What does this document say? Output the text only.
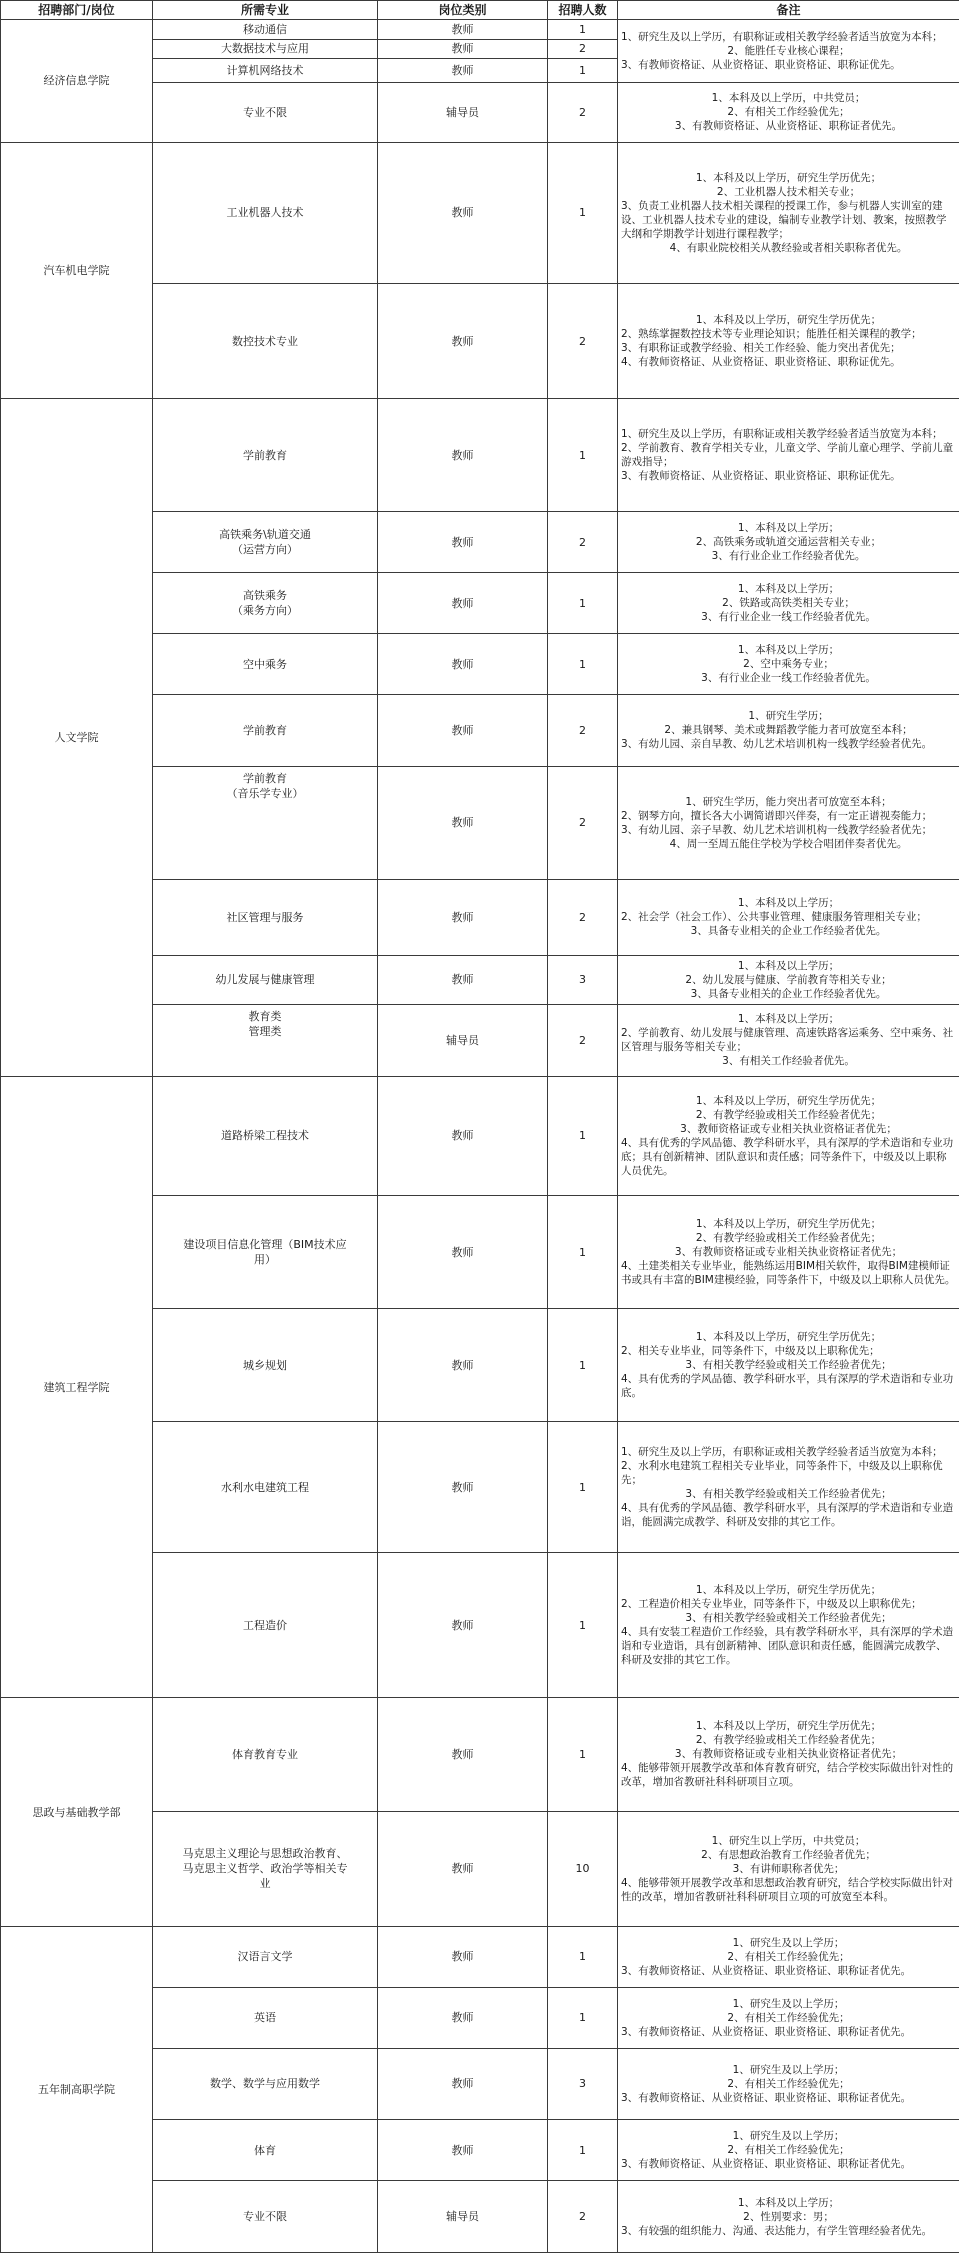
招聘部门/岗位	所需专业	岗位类别	招聘人数	备注
经济信息学院	移动通信	教师	1	1、研究生及以上学历，有职称证或相关教学经验者适当放宽为本科；
2、能胜任专业核心课程；
3、有教师资格证、从业资格证、职业资格证、职称证优先。

	大数据技术与应用	教师	2	

	计算机网络技术	教师	1	

	专业不限	辅导员	2	1、本科及以上学历，中共党员；
2、有相关工作经验优先；
3、有教师资格证、从业资格证、职称证者优先。

汽车机电学院	工业机器人技术	教师	1	1、本科及以上学历，研究生学历优先；
2、工业机器人技术相关专业；
3、负责工业机器人技术相关课程的授课工作，参与机器人实训室的建设、工业机器人技术专业的建设，编制专业教学计划、教案，按照教学大纲和学期教学计划进行课程教学；
4、有职业院校相关从教经验或者相关职称者优先。

	数控技术专业	教师	2	1、本科及以上学历，研究生学历优先；
2、熟练掌握数控技术等专业理论知识；能胜任相关课程的教学；
3、有职称证或教学经验、相关工作经验、能力突出者优先；
4、有教师资格证、从业资格证、职业资格证、职称证优先。

人文学院	学前教育	教师	1	1、研究生及以上学历，有职称证或相关教学经验者适当放宽为本科；
2、学前教育、教育学相关专业，儿童文学、学前儿童心理学、学前儿童游戏指导；
3、有教师资格证、从业资格证、职业资格证、职称证优先。

	高铁乘务\轨道交通
（运营方向）	教师	2	1、本科及以上学历；
2、高铁乘务或轨道交通运营相关专业；
3、有行业企业工作经验者优先。

	高铁乘务
（乘务方向）	教师	1	1、本科及以上学历；
2、铁路或高铁类相关专业；
3、有行业企业一线工作经验者优先。

	空中乘务	教师	1	1、本科及以上学历；
2、空中乘务专业；
3、有行业企业一线工作经验者优先。

	学前教育	教师	2	1、研究生学历；
2、兼具钢琴、美术或舞蹈教学能力者可放宽至本科；
3、有幼儿园、亲自早教、幼儿艺术培训机构一线教学经验者优先。

	学前教育
（音乐学专业）	教师	2	1、研究生学历，能力突出者可放宽至本科；
2、钢琴方向，擅长各大小调简谱即兴伴奏，有一定正谱视奏能力；
3、有幼儿园、亲子早教、幼儿艺术培训机构一线教学经验者优先；
4、周一至周五能住学校为学校合唱团伴奏者优先。

	社区管理与服务	教师	2	1、本科及以上学历；
2、社会学（社会工作）、公共事业管理、健康服务管理相关专业；
3、具备专业相关的企业工作经验者优先。

	幼儿发展与健康管理	教师	3	1、本科及以上学历；
2、幼儿发展与健康、学前教育等相关专业；
3、具备专业相关的企业工作经验者优先。

	教育类
管理类	辅导员	2	1、本科及以上学历；
2、学前教育、幼儿发展与健康管理、高速铁路客运乘务、空中乘务、社区管理与服务等相关专业；
3、有相关工作经验者优先。

建筑工程学院	道路桥梁工程技术	教师	1	1、本科及以上学历，研究生学历优先；
2、有教学经验或相关工作经验者优先；
3、教师资格证或专业相关执业资格证者优先；
4、具有优秀的学风品德、教学科研水平，具有深厚的学术造诣和专业功底；具有创新精神、团队意识和责任感；同等条件下，中级及以上职称人员优先。

	建设项目信息化管理（BIM技术应
用）	教师	1	1、本科及以上学历，研究生学历优先；
2、有教学经验或相关工作经验者优先；
3、有教师资格证或专业相关执业资格证者优先；
4、土建类相关专业毕业，能熟练运用BIM相关软件，取得BIM建模师证书或具有丰富的BIM建模经验，同等条件下，中级及以上职称人员优先。

	城乡规划	教师	1	1、本科及以上学历，研究生学历优先；
2、相关专业毕业，同等条件下，中级及以上职称优先；
3、有相关教学经验或相关工作经验者优先；
4、具有优秀的学风品德、教学科研水平，具有深厚的学术造诣和专业功底。

	水利水电建筑工程	教师	1	1、研究生及以上学历，有职称证或相关教学经验者适当放宽为本科；
2、水利水电建筑工程相关专业毕业，同等条件下，中级及以上职称优先；
3、有相关教学经验或相关工作经验者优先；
4、具有优秀的学风品德、教学科研水平，具有深厚的学术造诣和专业造诣，能圆满完成教学、科研及安排的其它工作。

	工程造价	教师	1	1、本科及以上学历，研究生学历优先；
2、工程造价相关专业毕业，同等条件下，中级及以上职称优先；
3、有相关教学经验或相关工作经验者优先；
4、具有安装工程造价工作经验，具有教学科研水平，具有深厚的学术造诣和专业造诣，具有创新精神、团队意识和责任感，能圆满完成教学、科研及安排的其它工作。

思政与基础教学部	体育教育专业	教师	1	1、本科及以上学历，研究生学历优先；
2、有教学经验或相关工作经验者优先；
3、有教师资格证或专业相关执业资格证者优先；
4、能够带领开展教学改革和体育教育研究，结合学校实际做出针对性的改革，增加省教研社科科研项目立项。

	马克思主义理论与思想政治教育、
马克思主义哲学、政治学等相关专
业	教师	10	1、研究生以上学历，中共党员；
2、有思想政治教育工作经验者优先；
3、有讲师职称者优先；
4、能够带领开展教学改革和思想政治教育研究，结合学校实际做出针对性的改革，增加省教研社科科研项目立项的可放宽至本科。

五年制高职学院	汉语言文学	教师	1	1、研究生及以上学历；
2、有相关工作经验优先；
3、有教师资格证、从业资格证、职业资格证、职称证者优先。

	英语	教师	1	1、研究生及以上学历；
2、有相关工作经验优先；
3、有教师资格证、从业资格证、职业资格证、职称证者优先。

	数学、数学与应用数学	教师	3	1、研究生及以上学历；
2、有相关工作经验优先；
3、有教师资格证、从业资格证、职业资格证、职称证者优先。

	体育	教师	1	1、研究生及以上学历；
2、有相关工作经验优先；
3、有教师资格证、从业资格证、职业资格证、职称证者优先。

	专业不限	辅导员	2	1、本科及以上学历；
2、性别要求：男；
3、有较强的组织能力、沟通、表达能力，有学生管理经验者优先。
